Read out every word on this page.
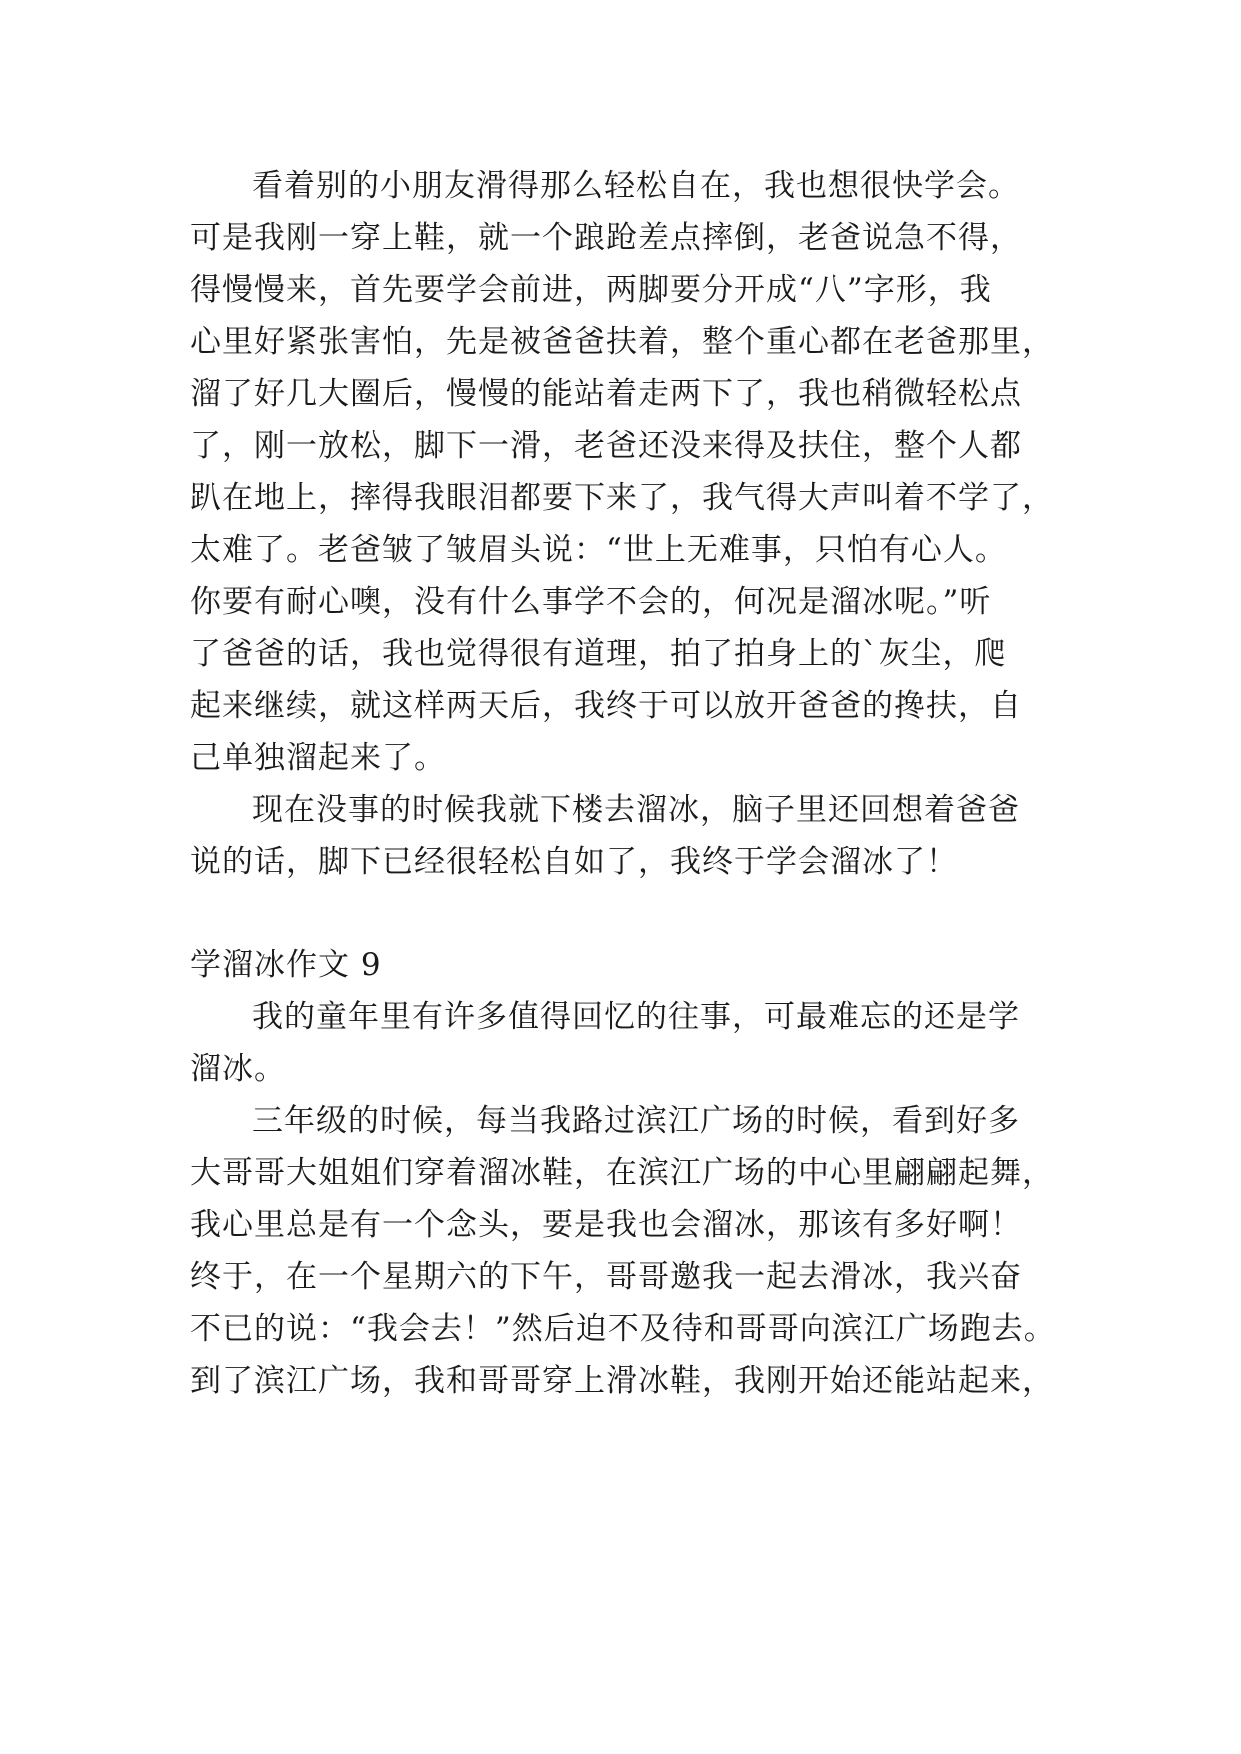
看着别的小朋友滑得那么轻松自在，我也想很快学会。
可是我刚一穿上鞋，就一个踉跄差点摔倒，老爸说急不得，
得慢慢来，首先要学会前进，两脚要分开成“八”字形，我
心里好紧张害怕，先是被爸爸扶着，整个重心都在老爸那里，
溜了好几大圈后，慢慢的能站着走两下了，我也稍微轻松点
了，刚一放松，脚下一滑，老爸还没来得及扶住，整个人都
趴在地上，摔得我眼泪都要下来了，我气得大声叫着不学了，
太难了。老爸皱了皱眉头说：“世上无难事，只怕有心人。
你要有耐心噢，没有什么事学不会的，何况是溜冰呢。”听
了爸爸的话，我也觉得很有道理，拍了拍身上的`灰尘，爬
起来继续，就这样两天后，我终于可以放开爸爸的搀扶，自
己单独溜起来了。
现在没事的时候我就下楼去溜冰，脑子里还回想着爸爸
说的话，脚下已经很轻松自如了，我终于学会溜冰了！
学溜冰作文 9
我的童年里有许多值得回忆的往事，可最难忘的还是学
溜冰。
三年级的时候，每当我路过滨江广场的时候，看到好多
大哥哥大姐姐们穿着溜冰鞋，在滨江广场的中心里翩翩起舞，
我心里总是有一个念头，要是我也会溜冰，那该有多好啊！
终于，在一个星期六的下午，哥哥邀我一起去滑冰，我兴奋
不已的说：“我会去！”然后迫不及待和哥哥向滨江广场跑去。
到了滨江广场，我和哥哥穿上滑冰鞋，我刚开始还能站起来，
